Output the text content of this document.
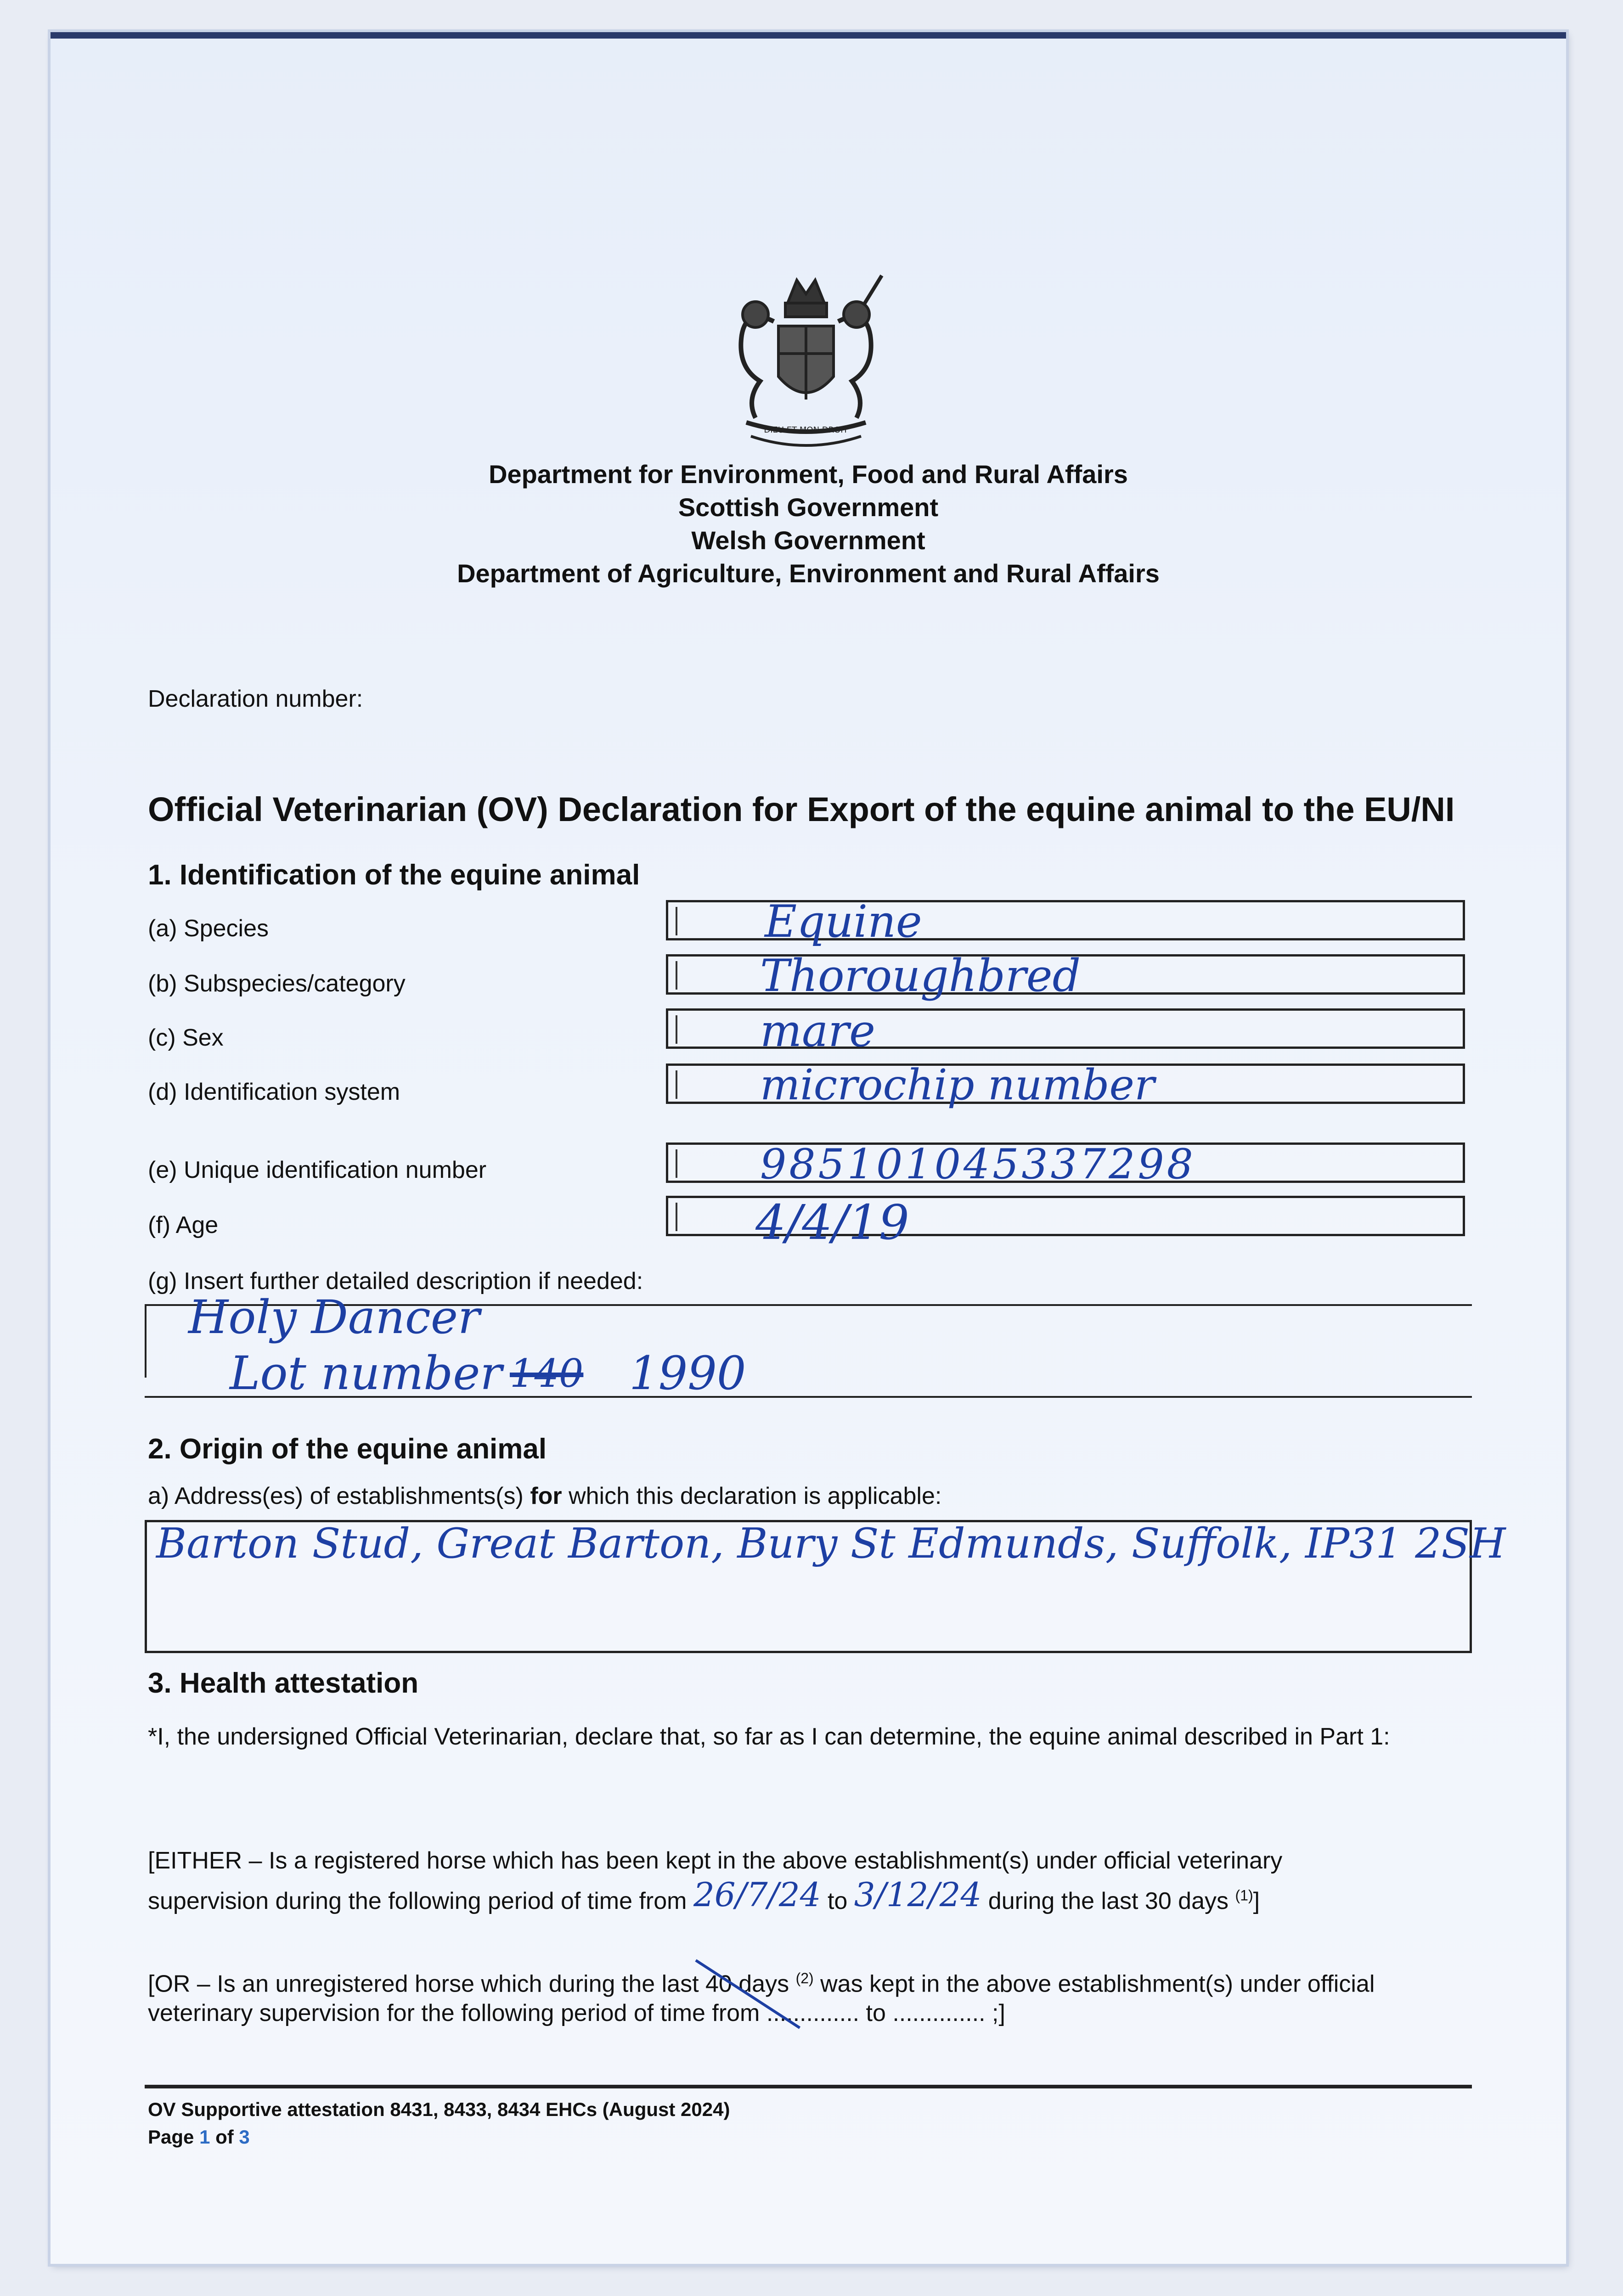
DIEU ET MON DROIT
Department for Environment, Food and Rural Affairs
Scottish Government
Welsh Government
Department of Agriculture, Environment and Rural Affairs
Declaration number:
Official Veterinarian (OV) Declaration for Export of the equine animal to the EU/NI
1. Identification of the equine animal
(a) Species
(b) Subspecies/category
(c) Sex
(d) Identification system
(e) Unique identification number
(f) Age
Equine
Thoroughbred
mare
microchip number
985101045337298
4/4/19
(g) Insert further detailed description if needed:
Holy Dancer
Lot number 140 1990
2. Origin of the equine animal
a) Address(es) of establishments(s) for which this declaration is applicable:
Barton Stud, Great Barton, Bury St Edmunds, Suffolk, IP31 2SH
3. Health attestation
*I, the undersigned Official Veterinarian, declare that, so far as I can determine, the equine animal described in Part 1:
[EITHER – Is a registered horse which has been kept in the above establishment(s) under official veterinary
supervision during the following period of time from 26/7/24 to 3/12/24 during the last 30 days $^{(1)}$]
[OR – Is an unregistered horse which during the last 40 days $^{(2)}$ was kept in the above establishment(s) under official
veterinary supervision for the following period of time from .............. to .............. ;]
OV Supportive attestation 8431, 8433, 8434 EHCs (August 2024)
Page 1 of 3
